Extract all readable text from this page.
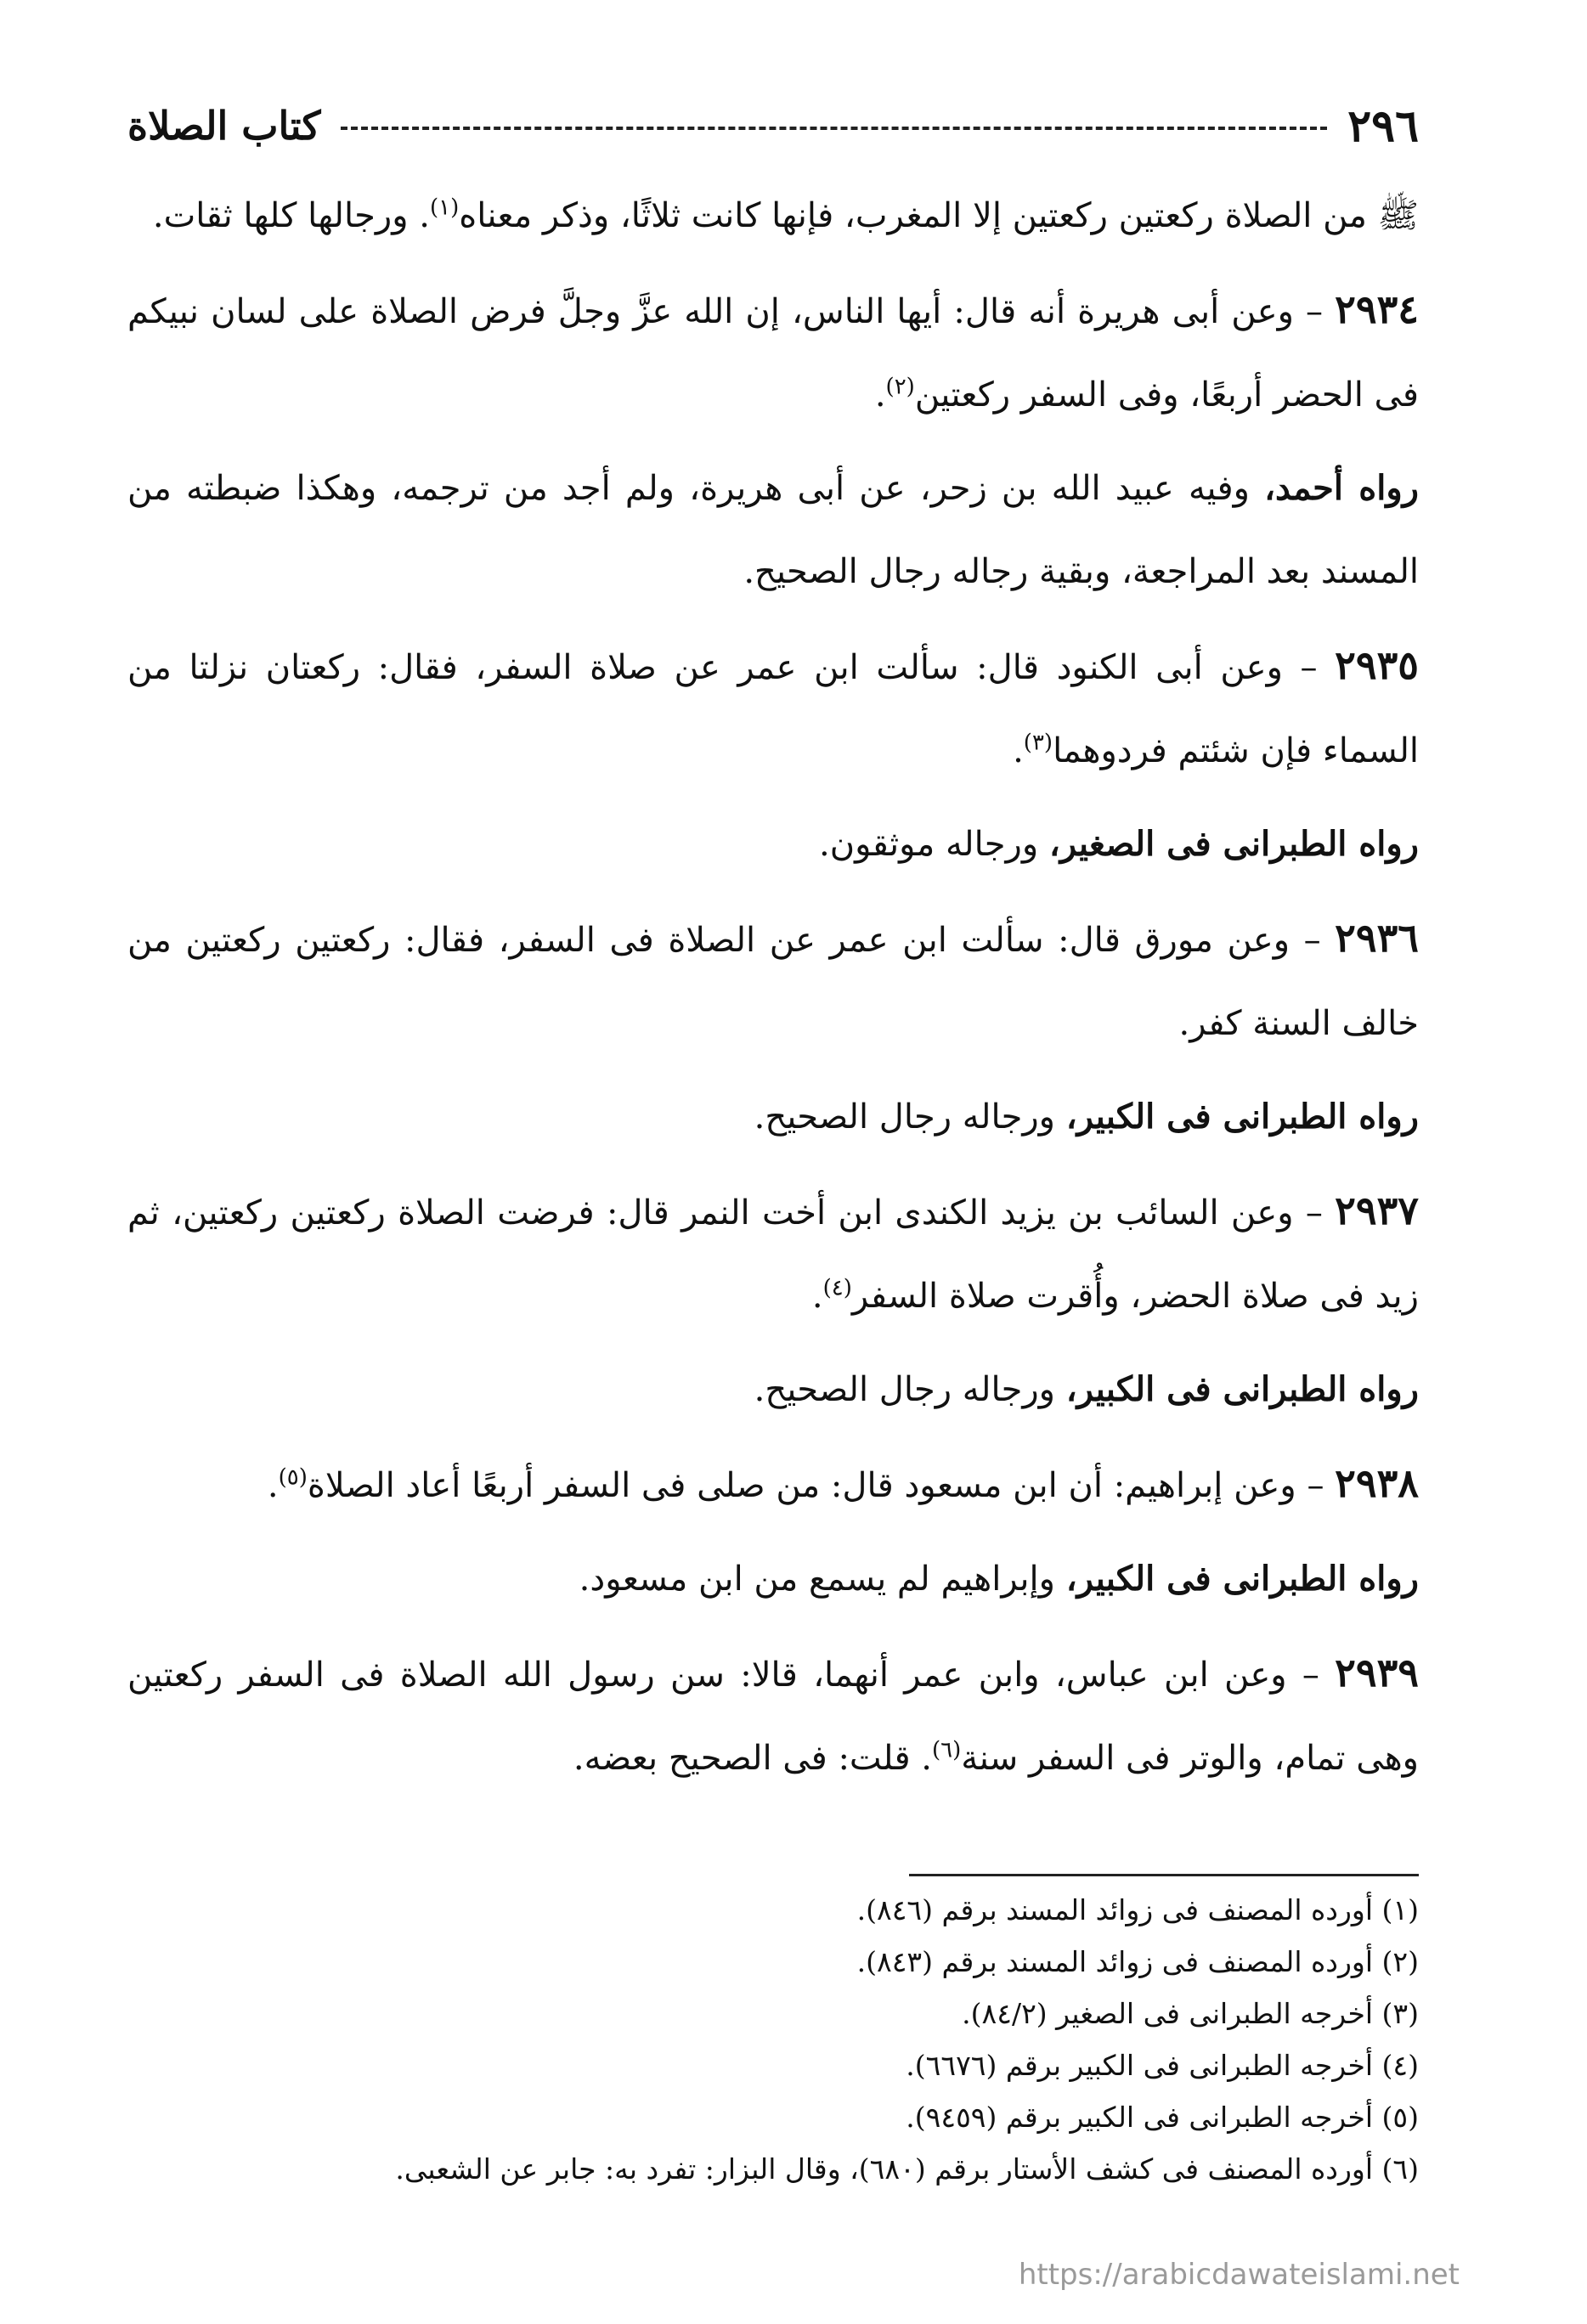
٢٩٦
كتاب الصلاة

ﷺ من الصلاة ركعتين ركعتين إلا المغرب، فإنها كانت ثلاثًا، وذكر معناه$^{(١)}$. ورجالها كلها ثقات.

٢٩٣٤ – وعن أبى هريرة أنه قال: أيها الناس، إن الله عزَّ وجلَّ فرض الصلاة على لسان نبيكم فى الحضر أربعًا، وفى السفر ركعتين$^{(٢)}$.

رواه أحمد، وفيه عبيد الله بن زحر، عن أبى هريرة، ولم أجد من ترجمه، وهكذا ضبطته من المسند بعد المراجعة، وبقية رجاله رجال الصحيح.

٢٩٣٥ – وعن أبى الكنود قال: سألت ابن عمر عن صلاة السفر، فقال: ركعتان نزلتا من السماء فإن شئتم فردوهما$^{(٣)}$.

رواه الطبرانى فى الصغير، ورجاله موثقون.

٢٩٣٦ – وعن مورق قال: سألت ابن عمر عن الصلاة فى السفر، فقال: ركعتين ركعتين من خالف السنة كفر.

رواه الطبرانى فى الكبير، ورجاله رجال الصحيح.

٢٩٣٧ – وعن السائب بن يزيد الكندى ابن أخت النمر قال: فرضت الصلاة ركعتين ركعتين، ثم زيد فى صلاة الحضر، وأُقرت صلاة السفر$^{(٤)}$.

رواه الطبرانى فى الكبير، ورجاله رجال الصحيح.

٢٩٣٨ – وعن إبراهيم: أن ابن مسعود قال: من صلى فى السفر أربعًا أعاد الصلاة$^{(٥)}$.

رواه الطبرانى فى الكبير، وإبراهيم لم يسمع من ابن مسعود.

٢٩٣٩ – وعن ابن عباس، وابن عمر أنهما، قالا: سن رسول الله الصلاة فى السفر ركعتين وهى تمام، والوتر فى السفر سنة$^{(٦)}$. قلت: فى الصحيح بعضه.

(١) أورده المصنف فى زوائد المسند برقم (٨٤٦).

(٢) أورده المصنف فى زوائد المسند برقم (٨٤٣).

(٣) أخرجه الطبرانى فى الصغير (٨٤/٢).

(٤) أخرجه الطبرانى فى الكبير برقم (٦٦٧٦).

(٥) أخرجه الطبرانى فى الكبير برقم (٩٤٥٩).

(٦) أورده المصنف فى كشف الأستار برقم (٦٨٠)، وقال البزار: تفرد به: جابر عن الشعبى.

https://arabicdawateislami.net
